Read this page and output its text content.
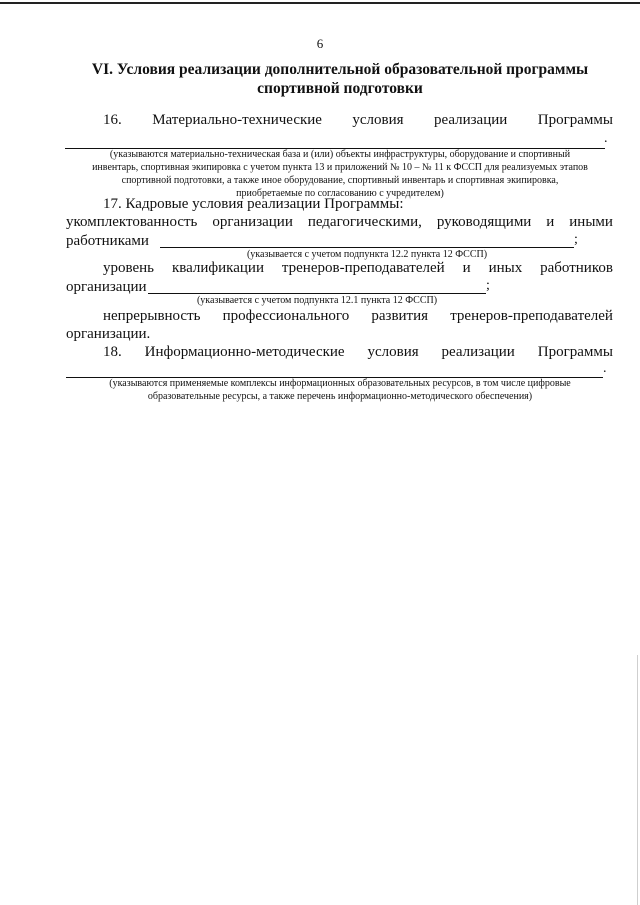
6
VI. Условия реализации дополнительной образовательной программы
спортивной подготовки
16. Материально-технические условия реализации Программы
.
(указываются материально-техническая база и (или) объекты инфраструктуры, оборудование и спортивный
инвентарь, спортивная экипировка с учетом пункта 13 и приложений № 10 – № 11 к ФССП для реализуемых этапов
спортивной подготовки, а также иное оборудование, спортивный инвентарь и спортивная экипировка,
приобретаемые по согласованию с учредителем)
17. Кадровые условия реализации Программы:
укомплектованность организации педагогическими, руководящими и иными
работниками	;
(указывается с учетом подпункта 12.2 пункта 12 ФССП)
уровень квалификации тренеров-преподавателей и иных работников
организации	;
(указывается с учетом подпункта 12.1 пункта 12 ФССП)
непрерывность профессионального развития тренеров-преподавателей
организации.
18. Информационно-методические условия реализации Программы
.
(указываются применяемые комплексы информационных образовательных ресурсов, в том числе цифровые
образовательные ресурсы, а также перечень информационно-методического обеспечения)
